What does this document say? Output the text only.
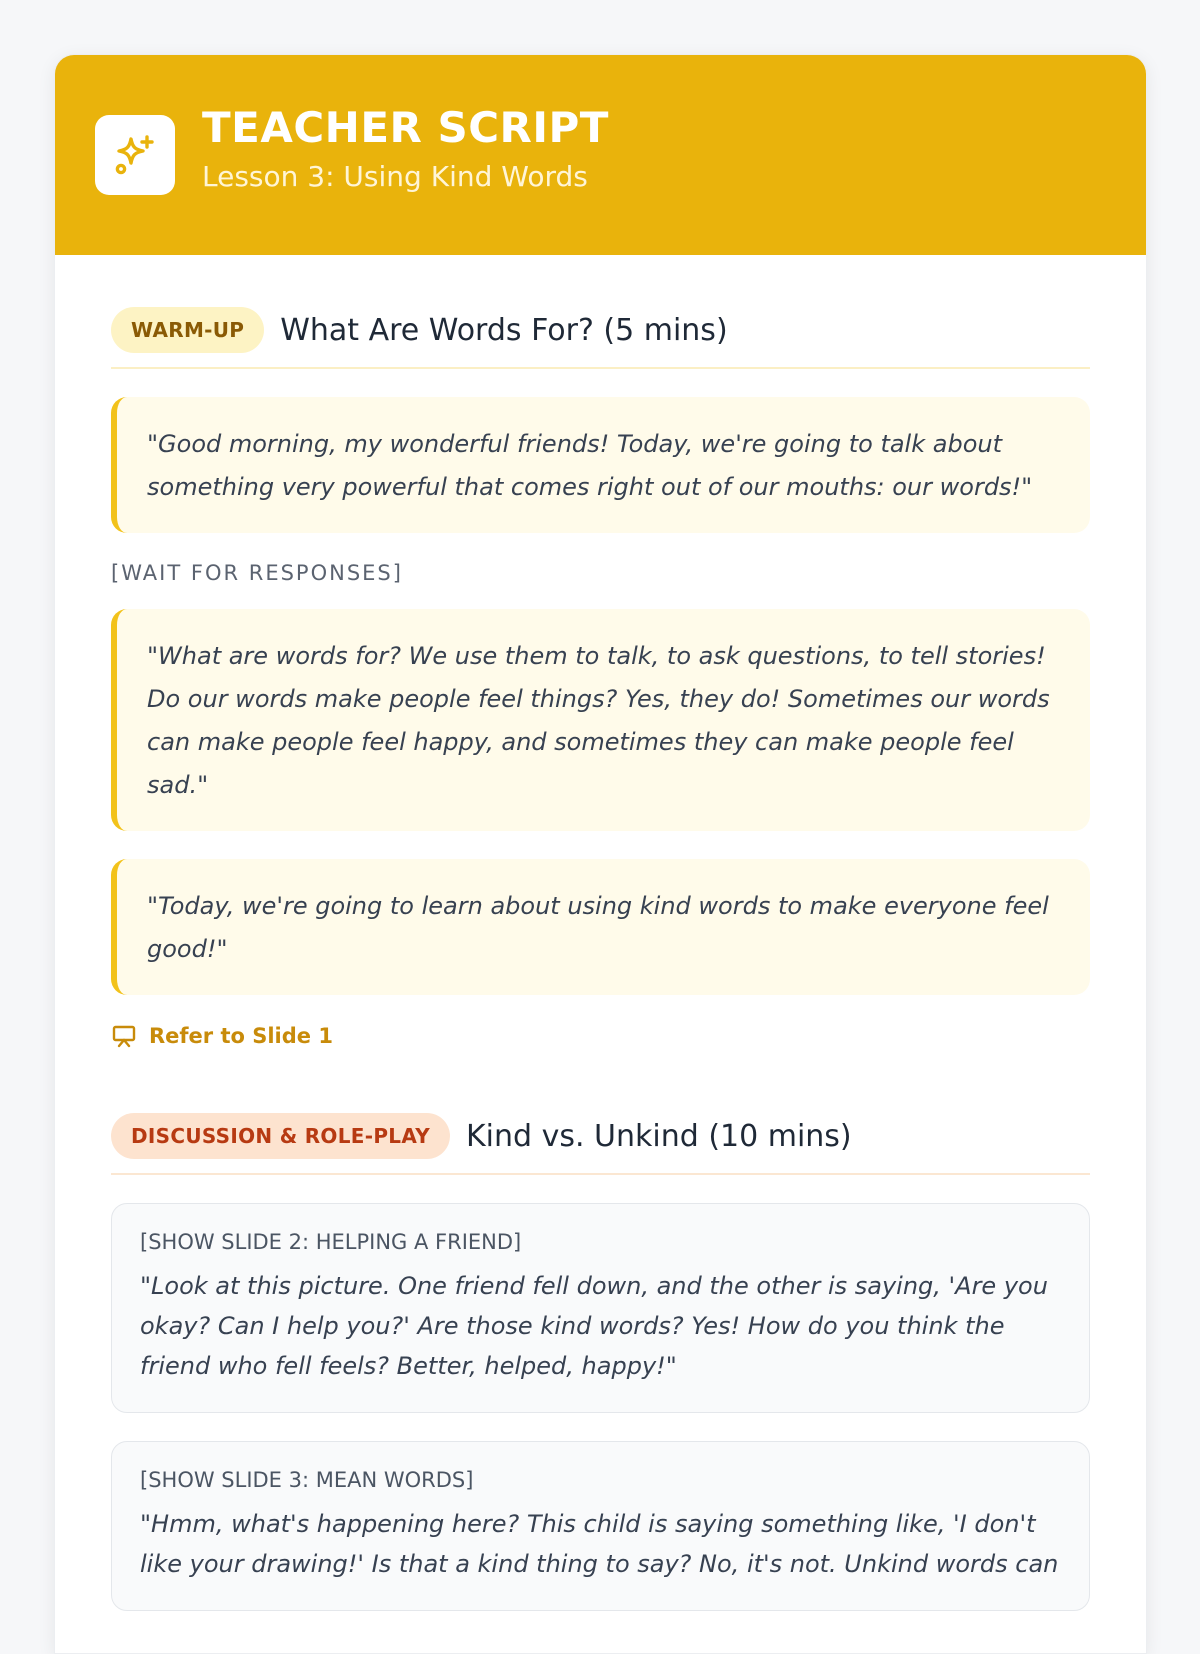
TEACHER SCRIPT
Lesson 3: Using Kind Words
WARM-UP	What Are Words For? (5 mins)
"Good morning, my wonderful friends! Today, we're going to talk about something very powerful that comes right out of our mouths: our words!"
[WAIT FOR RESPONSES]
"What are words for? We use them to talk, to ask questions, to tell stories! Do our words make people feel things? Yes, they do! Sometimes our words can make people feel happy, and sometimes they can make people feel sad."
"Today, we're going to learn about using kind words to make everyone feel good!"
Refer to Slide 1
DISCUSSION & ROLE-PLAY	Kind vs. Unkind (10 mins)
[SHOW SLIDE 2: HELPING A FRIEND]
"Look at this picture. One friend fell down, and the other is saying, 'Are you okay? Can I help you?' Are those kind words? Yes! How do you think the friend who fell feels? Better, helped, happy!"
[SHOW SLIDE 3: MEAN WORDS]
"Hmm, what's happening here? This child is saying something like, 'I don't like your drawing!' Is that a kind thing to say? No, it's not. Unkind words can
